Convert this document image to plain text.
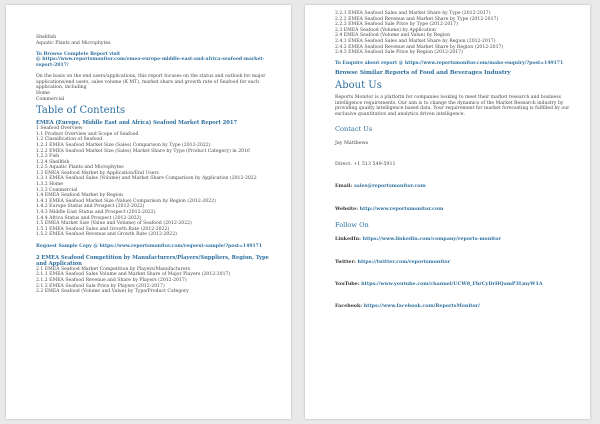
Shellfish

Aquatic Plants and Microphytes

To Browse Complete Report visit

@ https://www.reportsmonitor.com/emea-europe-middle-east-and-africa-seafood-market-report-2017/

On the basis on the end users/applications, this report focuses on the status and outlook for major applications/end users, sales volume (K MT), market share and growth rate of Seafood for each application, including

Home

Commercial

Table of Contents

EMEA (Europe, Middle East and Africa) Seafood Market Report 2017

1 Seafood Overview

1.1 Product Overview and Scope of Seafood

1.2 Classification of Seafood

1.2.1 EMEA Seafood Market Size (Sales) Comparison by Type (2012-2022)

1.2.2 EMEA Seafood Market Size (Sales) Market Share by Type (Product Category) in 2016

1.2.3 Fish

1.2.4 Shellfish

1.2.5 Aquatic Plants and Microphytes

1.3 EMEA Seafood Market by Application/End Users

1.3.1 EMEA Seafood Sales (Volume) and Market Share Comparison by Application (2012-2022

1.3.2 Home

1.3.3 Commercial

1.4 EMEA Seafood Market by Region

1.4.1 EMEA Seafood Market Size (Value) Comparison by Region (2012-2022)

1.4.2 Europe Status and Prospect (2012-2022)

1.4.3 Middle East Status and Prospect (2012-2022)

1.4.4 Africa Status and Prospect (2012-2022)

1.5 EMEA Market Size (Value and Volume) of Seafood (2012-2022)

1.5.1 EMEA Seafood Sales and Growth Rate (2012-2022)

1.5.2 EMEA Seafood Revenue and Growth Rate (2012-2022)

Request Sample Copy @ https://www.reportsmonitor.com/request-sample/?post=149171

2 EMEA Seafood Competition by Manufacturers/Players/Suppliers, Region, Type and Application

2.1 EMEA Seafood Market Competition by Players/Manufacturers

2.1.1 EMEA Seafood Sales Volume and Market Share of Major Players (2012-2017)

2.1.2 EMEA Seafood Revenue and Share by Players (2012-2017)

2.1.3 EMEA Seafood Sale Price by Players (2012-2017)

2.2 EMEA Seafood (Volume and Value) by Type/Product Category

2.2.1 EMEA Seafood Sales and Market Share by Type (2012-2017)

2.2.2 EMEA Seafood Revenue and Market Share by Type (2012-2017)

2.2.3 EMEA Seafood Sale Price by Type (2012-2017)

2.3 EMEA Seafood (Volume) by Application

2.4 EMEA Seafood (Volume and Value) by Region

2.4.1 EMEA Seafood Sales and Market Share by Region (2012-2017)

2.4.2 EMEA Seafood Revenue and Market Share by Region (2012-2017)

2.4.3 EMEA Seafood Sale Price by Region (2012-2017)

To Enquire about report @ https://www.reportsmonitor.com/make-enquiry/?post=149171

Browse Similar Reports of Food and Beverages Industry

About Us

Reports Monitor is a platform for companies looking to meet their market research and business intelligence requirements. Our aim is to change the dynamics of the Market Research industry by providing quality intelligence based data. Your requirement for market forecasting is fulfilled by our exclusive quantitative and analytics driven intelligence.

Contact Us

Jay Matthews

Direct: +1 513 549-5911

Email: sales@reportsmonitor.com

Website: http://www.reportsmonitor.com

Follow On

LinkedIn: https://www.linkedin.com/company/reports-monitor

Twitter: https://twitter.com/reportsmonitor

YouTube: https://www.youtube.com/channel/UCW8_FbrCyDrHQamP3LmyW1A

Facebook: https://www.facebook.com/ReportsMonitor/
